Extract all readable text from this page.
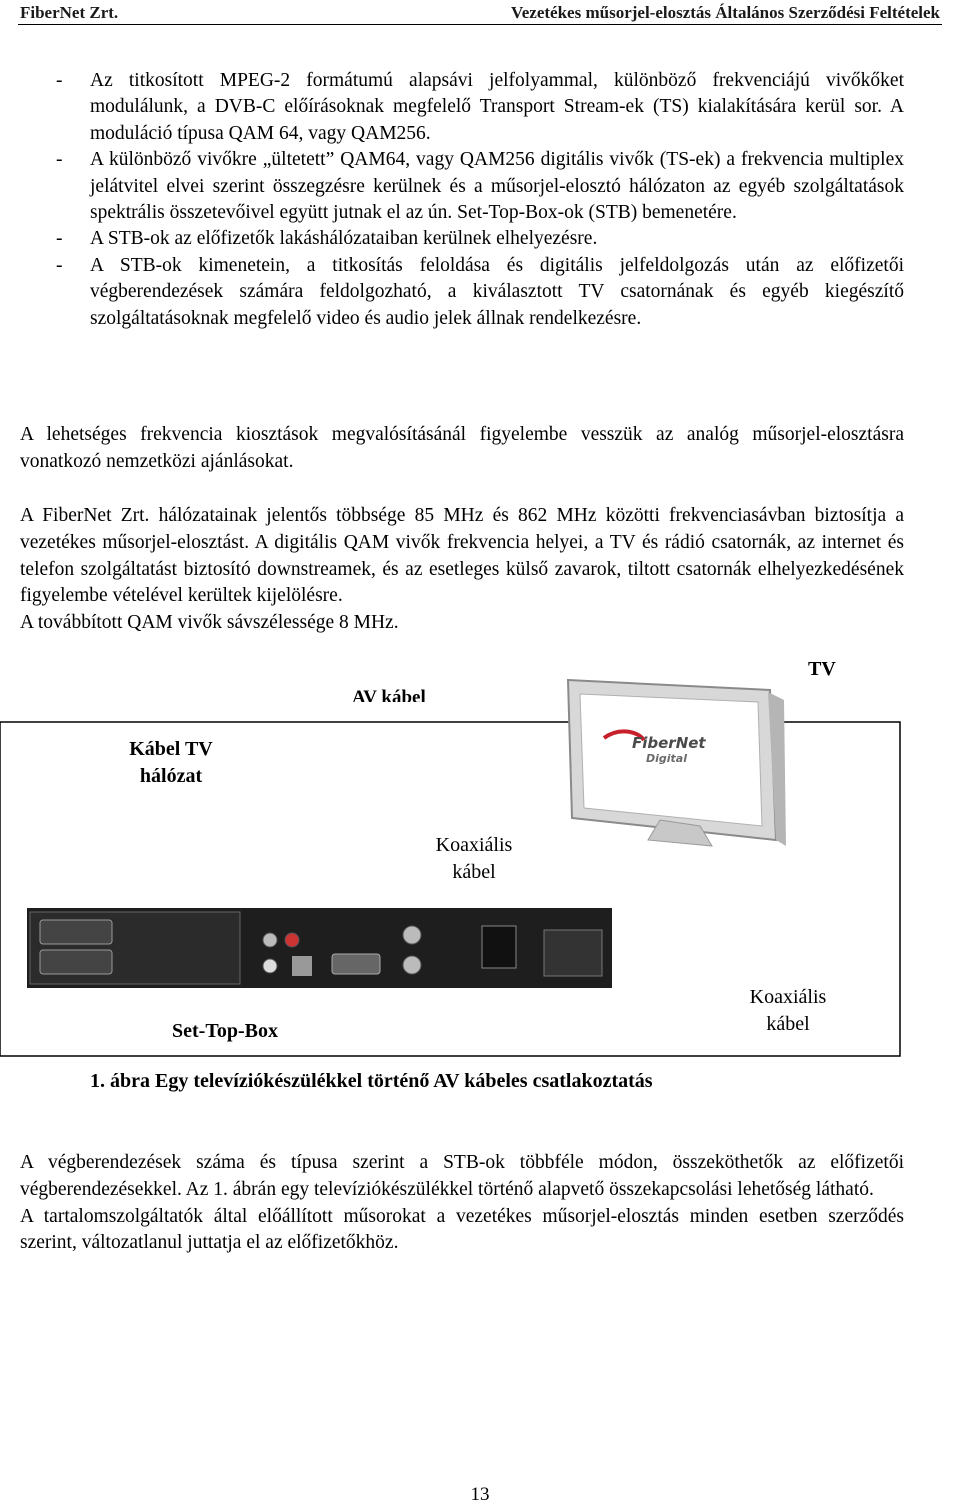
FiberNet Zrt.	Vezetékes műsorjel-elosztás Általános Szerződési Feltételek
- Az titkosított MPEG-2 formátumú alapsávi jelfolyammal, különböző frekvenciájú vivőkőket modulálunk, a DVB-C előírásoknak megfelelő Transport Stream-ek (TS) kialakítására kerül sor. A moduláció típusa QAM 64, vagy QAM256.
- A különböző vivőkre „ültetett” QAM64, vagy QAM256 digitális vivők (TS-ek) a frekvencia multiplex jelátvitel elvei szerint összegzésre kerülnek és a műsorjel-elosztó hálózaton az egyéb szolgáltatások spektrális összetevőivel együtt jutnak el az ún. Set-Top-Box-ok (STB) bemenetére.
- A STB-ok az előfizetők lakáshálózataiban kerülnek elhelyezésre.
- A STB-ok kimenetein, a titkosítás feloldása és digitális jelfeldolgozás után az előfizetői végberendezések számára feldolgozható, a kiválasztott TV csatornának és egyéb kiegészítő szolgáltatásoknak megfelelő video és audio jelek állnak rendelkezésre.
A lehetséges frekvencia kiosztások megvalósításánál figyelembe vesszük az analóg műsorjel-elosztásra vonatkozó nemzetközi ajánlásokat.
A FiberNet Zrt. hálózatainak jelentős többsége 85 MHz és 862 MHz közötti frekvenciasávban biztosítja a vezetékes műsorjel-elosztást. A digitális QAM vivők frekvencia helyei, a TV és rádió csatornák, az internet és telefon szolgáltatást biztosító downstreamek, és az esetleges külső zavarok, tiltott csatornák elhelyezkedésének figyelembe vételével kerültek kijelölésre.
A továbbított QAM vivők sávszélessége 8 MHz.
FiberNet
Digital
TV
AV kábel
Kábel TV
hálózat
Koaxiális
kábel
Koaxiális
kábel
Set-Top-Box
1. ábra Egy televíziókészülékkel történő AV kábeles csatlakoztatás
A végberendezések száma és típusa szerint a STB-ok többféle módon, összeköthetők az előfizetői végberendezésekkel. Az 1. ábrán egy televíziókészülékkel történő alapvető összekapcsolási lehetőség látható.
A tartalomszolgáltatók által előállított műsorokat a vezetékes műsorjel-elosztás minden esetben szerződés szerint, változatlanul juttatja el az előfizetőkhöz.
13
